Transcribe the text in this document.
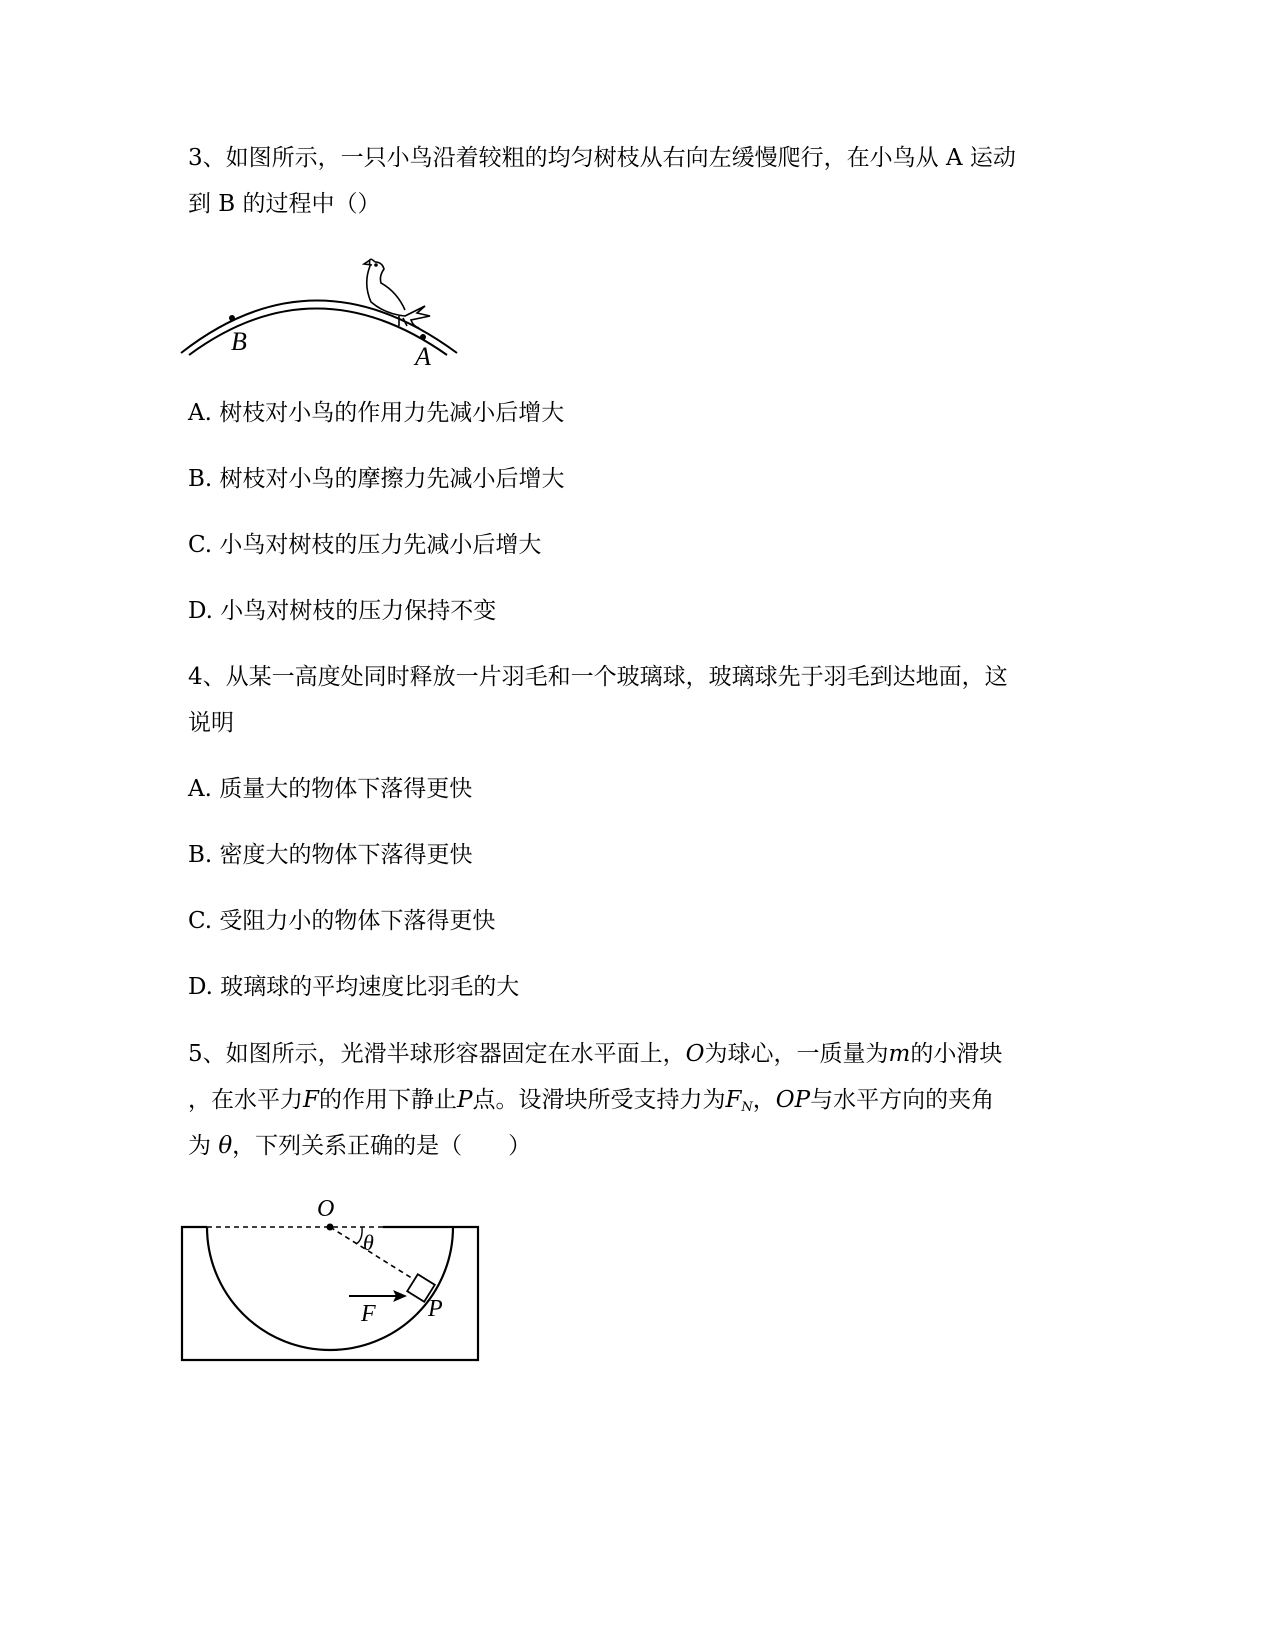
3、如图所示，一只小鸟沿着较粗的均匀树枝从右向左缓慢爬行，在小鸟从 A 运动
到 B 的过程中（）
B
A
A. 树枝对小鸟的作用力先减小后增大
B. 树枝对小鸟的摩擦力先减小后增大
C. 小鸟对树枝的压力先减小后增大
D. 小鸟对树枝的压力保持不变
4、从某一高度处同时释放一片羽毛和一个玻璃球，玻璃球先于羽毛到达地面，这
说明
A. 质量大的物体下落得更快
B. 密度大的物体下落得更快
C. 受阻力小的物体下落得更快
D. 玻璃球的平均速度比羽毛的大
5、如图所示，光滑半球形容器固定在水平面上，O为球心，一质量为m的小滑块
，在水平力F的作用下静止P点。设滑块所受支持力为$F_N$，OP与水平方向的夹角
为 θ，下列关系正确的是（　　）
O
θ
F P
